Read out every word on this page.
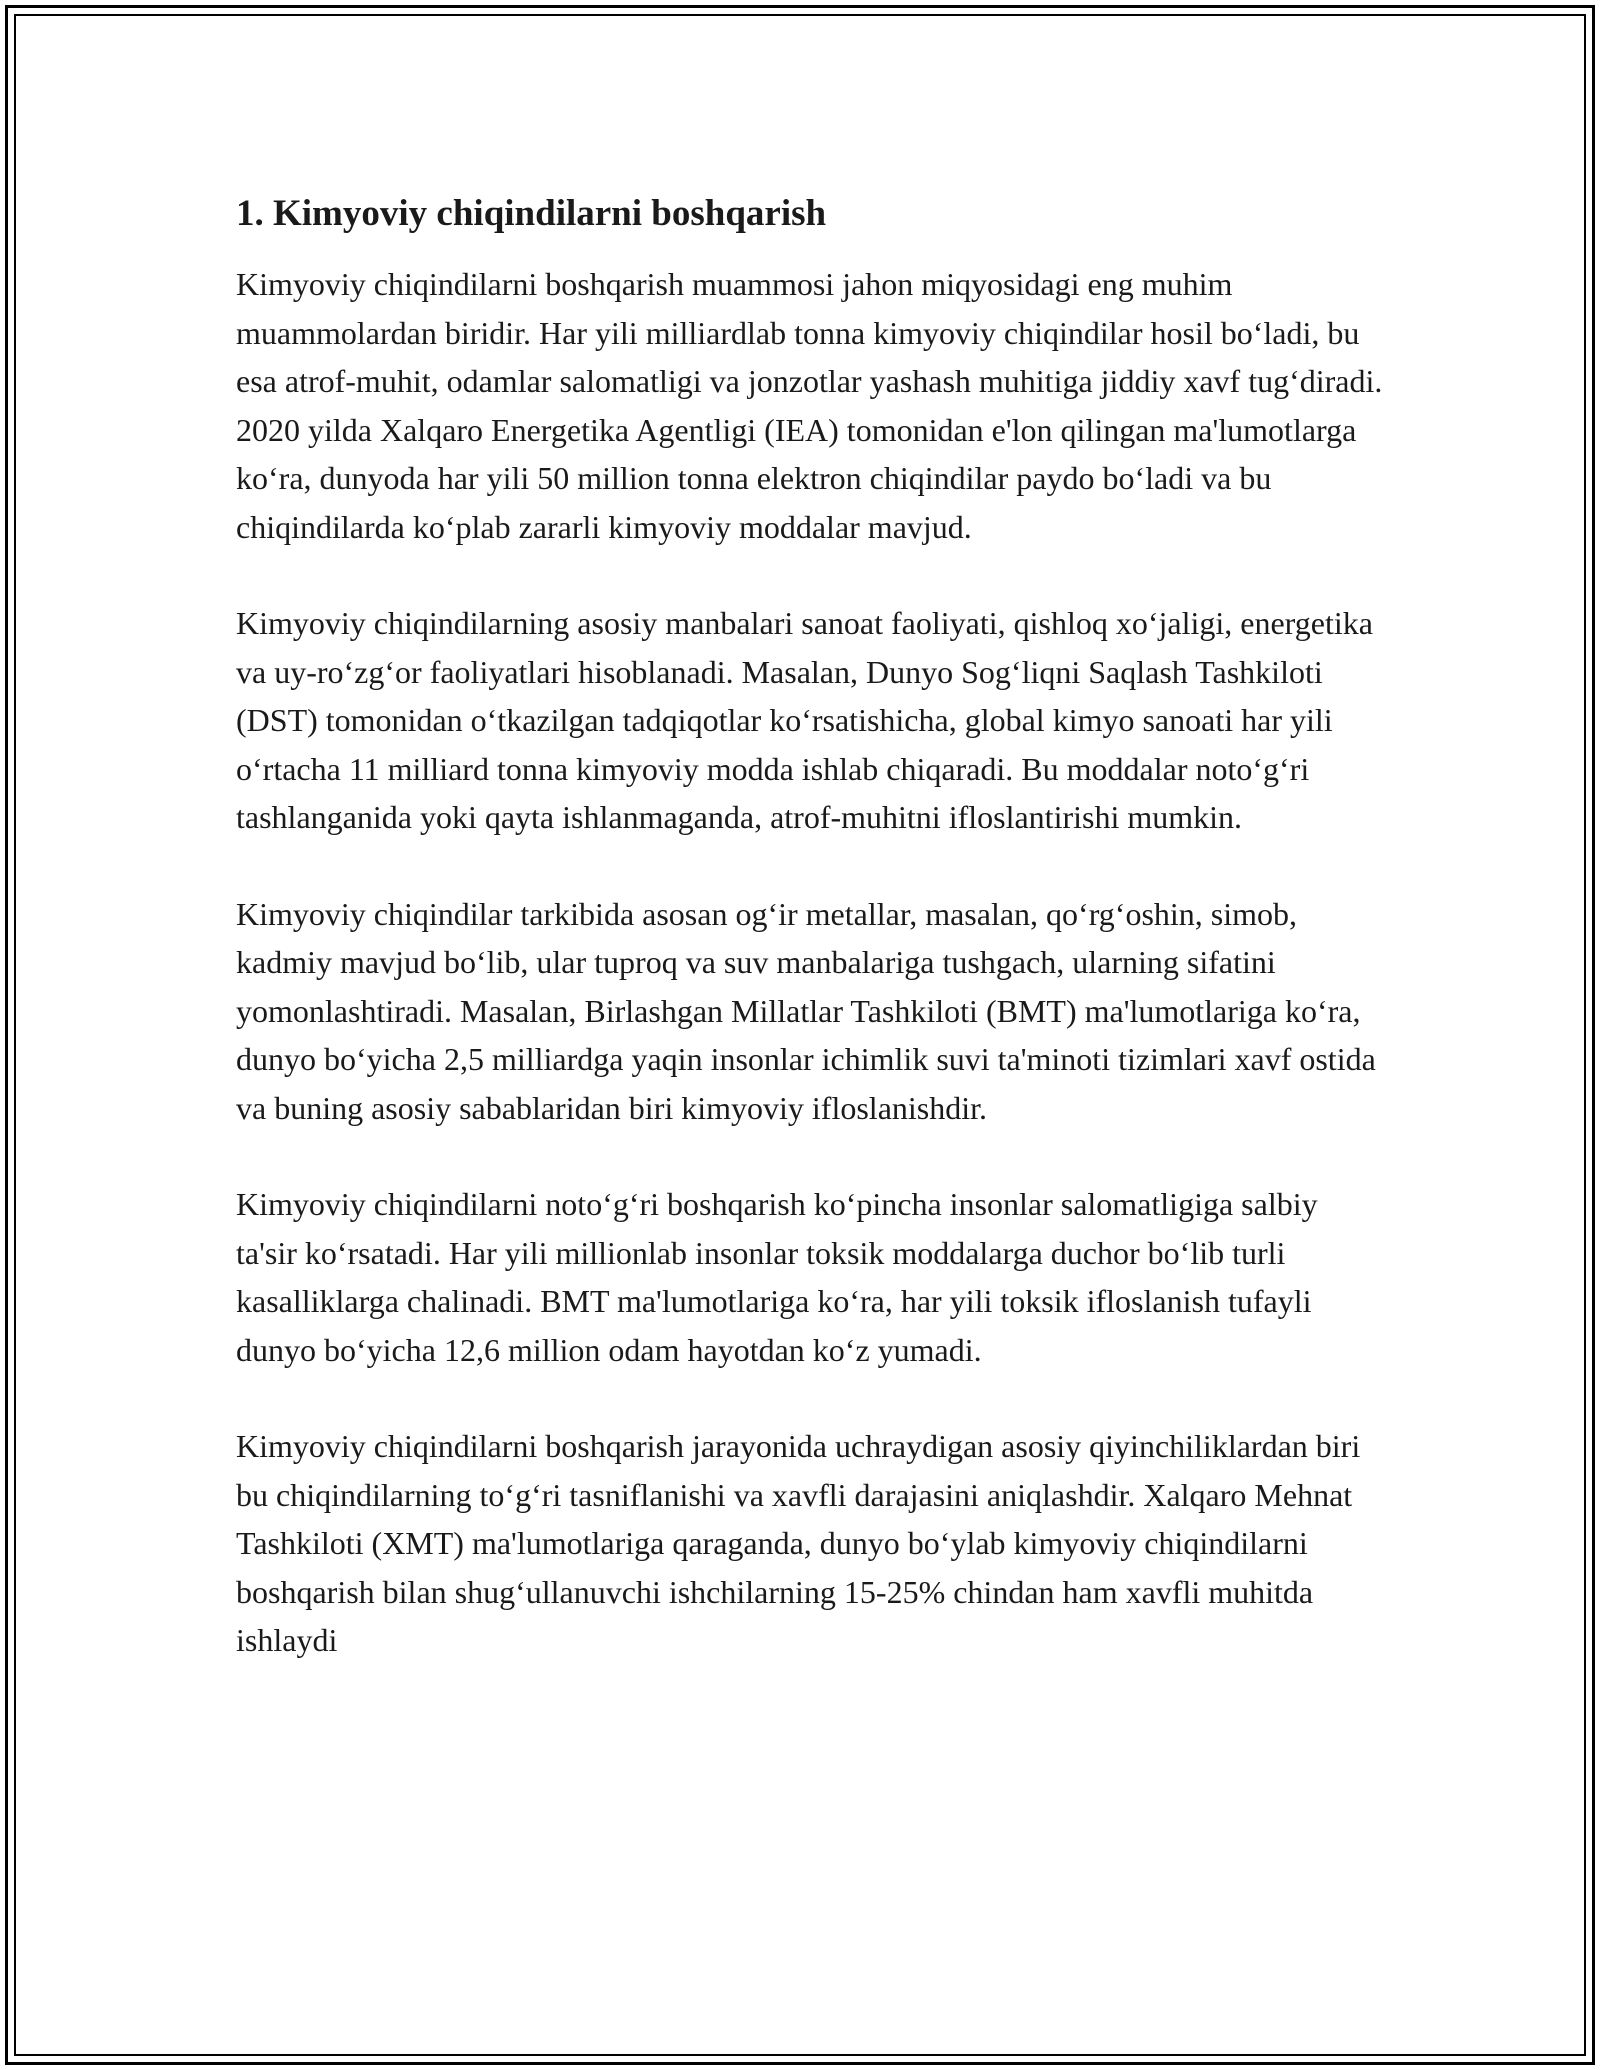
1. Kimyoviy chiqindilarni boshqarish

Kimyoviy chiqindilarni boshqarish muammosi jahon miqyosidagi eng muhim muammolardan biridir. Har yili milliardlab tonna kimyoviy chiqindilar hosil bo‘ladi, bu esa atrof-muhit, odamlar salomatligi va jonzotlar yashash muhitiga jiddiy xavf tug‘diradi. 2020 yilda Xalqaro Energetika Agentligi (IEA) tomonidan e'lon qilingan ma'lumotlarga ko‘ra, dunyoda har yili 50 million tonna elektron chiqindilar paydo bo‘ladi va bu chiqindilarda ko‘plab zararli kimyoviy moddalar mavjud.

Kimyoviy chiqindilarning asosiy manbalari sanoat faoliyati, qishloq xo‘jaligi, energetika va uy-ro‘zg‘or faoliyatlari hisoblanadi. Masalan, Dunyo Sog‘liqni Saqlash Tashkiloti (DST) tomonidan o‘tkazilgan tadqiqotlar ko‘rsatishicha, global kimyo sanoati har yili o‘rtacha 11 milliard tonna kimyoviy modda ishlab chiqaradi. Bu moddalar noto‘g‘ri tashlanganida yoki qayta ishlanmaganda, atrof-muhitni ifloslantirishi mumkin.

Kimyoviy chiqindilar tarkibida asosan og‘ir metallar, masalan, qo‘rg‘oshin, simob, kadmiy mavjud bo‘lib, ular tuproq va suv manbalariga tushgach, ularning sifatini yomonlashtiradi. Masalan, Birlashgan Millatlar Tashkiloti (BMT) ma'lumotlariga ko‘ra, dunyo bo‘yicha 2,5 milliardga yaqin insonlar ichimlik suvi ta'minoti tizimlari xavf ostida va buning asosiy sabablaridan biri kimyoviy ifloslanishdir.

Kimyoviy chiqindilarni noto‘g‘ri boshqarish ko‘pincha insonlar salomatligiga salbiy ta'sir ko‘rsatadi. Har yili millionlab insonlar toksik moddalarga duchor bo‘lib turli kasalliklarga chalinadi. BMT ma'lumotlariga ko‘ra, har yili toksik ifloslanish tufayli dunyo bo‘yicha 12,6 million odam hayotdan ko‘z yumadi.

Kimyoviy chiqindilarni boshqarish jarayonida uchraydigan asosiy qiyinchiliklardan biri bu chiqindilarning to‘g‘ri tasniflanishi va xavfli darajasini aniqlashdir. Xalqaro Mehnat Tashkiloti (XMT) ma'lumotlariga qaraganda, dunyo bo‘ylab kimyoviy chiqindilarni boshqarish bilan shug‘ullanuvchi ishchilarning 15-25% chindan ham xavfli muhitda ishlaydi
